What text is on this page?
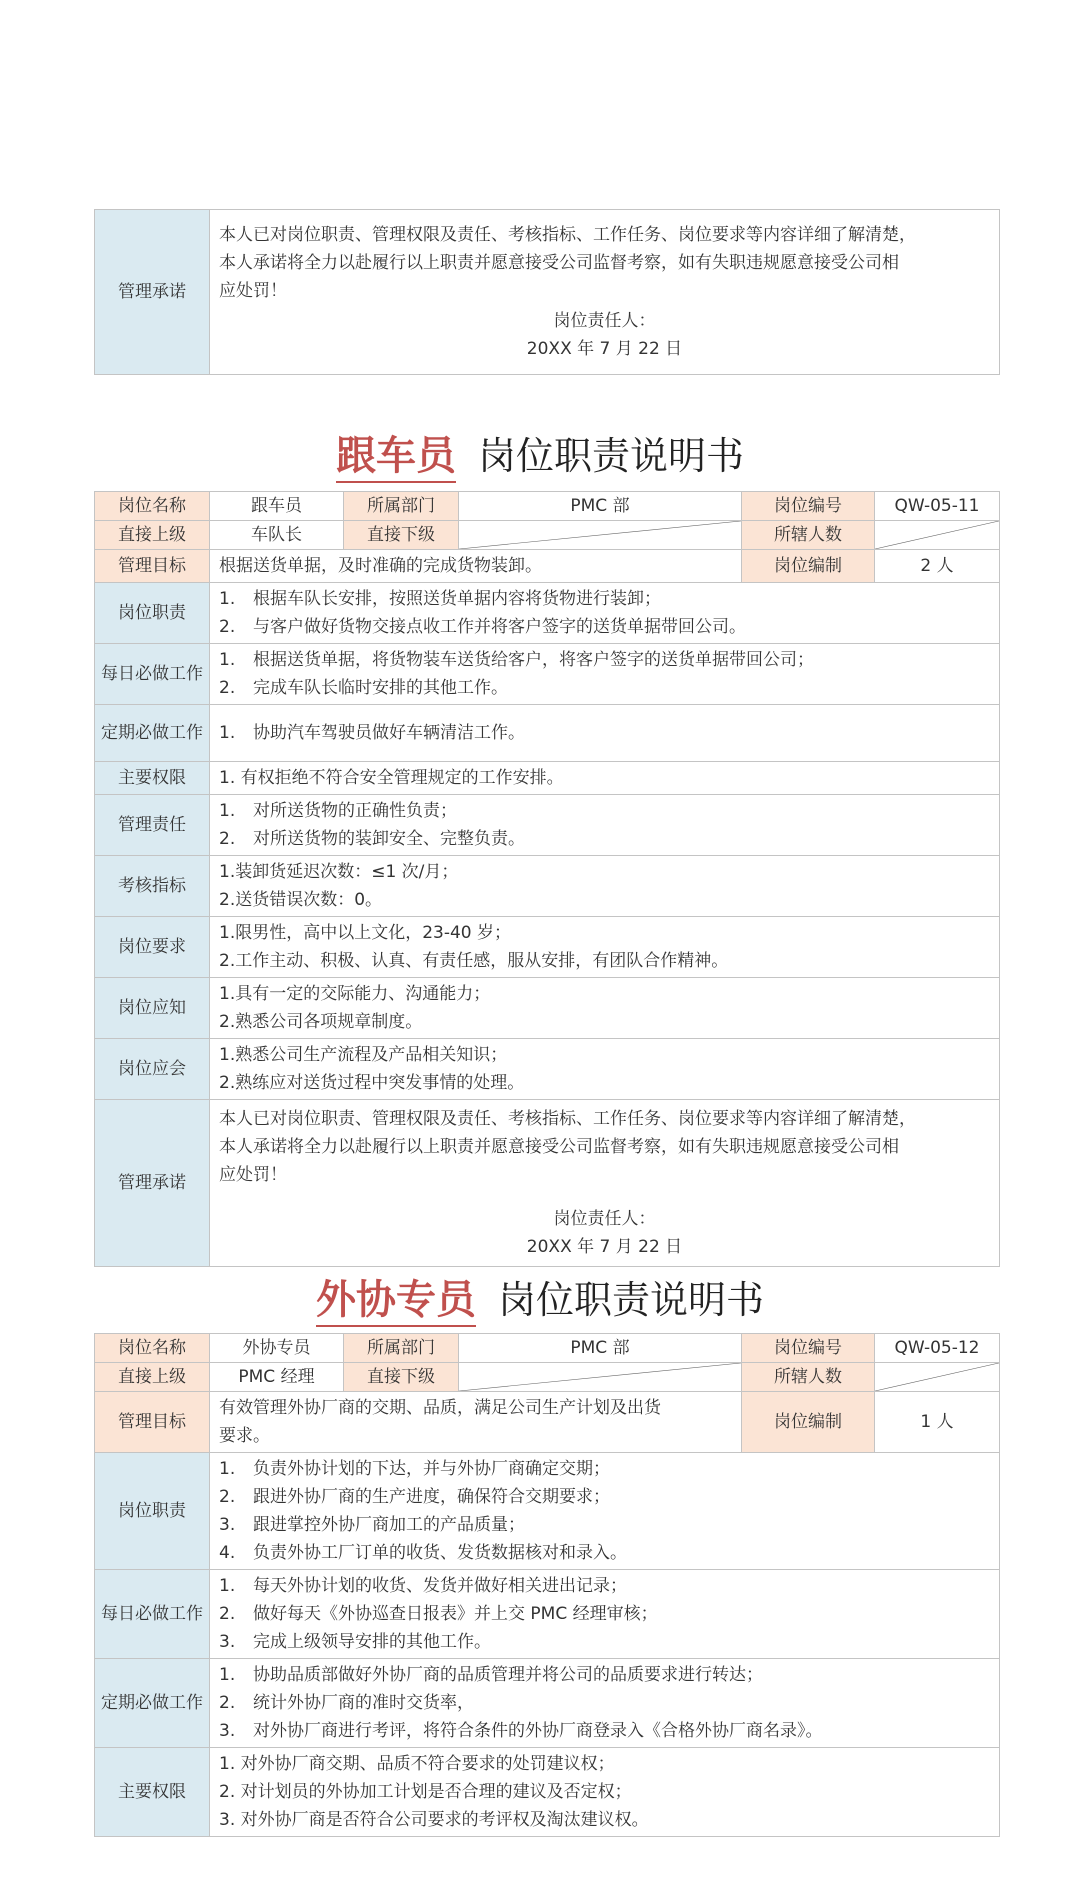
管理承诺	
本人已对岗位职责、管理权限及责任、考核指标、工作任务、岗位要求等内容详细了解清楚，
本人承诺将全力以赴履行以上职责并愿意接受公司监督考察，如有失职违规愿意接受公司相
应处罚！
岗位责任人：
20XX 年 7 月 22 日
跟车员 岗位职责说明书
岗位名称	跟车员	所属部门	PMC 部	岗位编号	QW-05-11
直接上级	车队长	直接下级		所辖人数	

管理目标	根据送货单据，及时准确的完成货物装卸。			岗位编制	2 人
岗位职责	1. 根据车队长安排，按照送货单据内容将货物进行装卸；
2. 与客户做好货物交接点收工作并将客户签字的送货单据带回公司。				

每日必做工作	1. 根据送货单据，将货物装车送货给客户，将客户签字的送货单据带回公司；
2. 完成车队长临时安排的其他工作。				

定期必做工作	1. 协助汽车驾驶员做好车辆清洁工作。				

主要权限	1. 有权拒绝不符合安全管理规定的工作安排。				
管理责任	1. 对所送货物的正确性负责；
2. 对所送货物的装卸安全、完整负责。				

考核指标	1.装卸货延迟次数：≤1 次/月；
2.送货错误次数：0。				

岗位要求	1.限男性，高中以上文化，23-40 岁；
2.工作主动、积极、认真、有责任感，服从安排，有团队合作精神。				

岗位应知	1.具有一定的交际能力、沟通能力；
2.熟悉公司各项规章制度。				

岗位应会	1.熟悉公司生产流程及产品相关知识；
2.熟练应对送货过程中突发事情的处理。				

管理承诺	本人已对岗位职责、管理权限及责任、考核指标、工作任务、岗位要求等内容详细了解清楚，
本人承诺将全力以赴履行以上职责并愿意接受公司监督考察，如有失职违规愿意接受公司相
应处罚！
岗位责任人：
20XX 年 7 月 22 日				
外协专员 岗位职责说明书
岗位名称	外协专员	所属部门	PMC 部	岗位编号	QW-05-12
直接上级	PMC 经理	直接下级		所辖人数	

管理目标	有效管理外协厂商的交期、品质，满足公司生产计划及出货
要求。			岗位编制	1 人
岗位职责	1. 负责外协计划的下达，并与外协厂商确定交期；
2. 跟进外协厂商的生产进度，确保符合交期要求；
3. 跟进掌控外协厂商加工的产品质量；
4. 负责外协工厂订单的收货、发货数据核对和录入。				

每日必做工作	1. 每天外协计划的收货、发货并做好相关进出记录；
2. 做好每天《外协巡查日报表》并上交 PMC 经理审核；
3. 完成上级领导安排的其他工作。				

定期必做工作	1. 协助品质部做好外协厂商的品质管理并将公司的品质要求进行转达；
2. 统计外协厂商的准时交货率，
3. 对外协厂商进行考评，将符合条件的外协厂商登录入《合格外协厂商名录》。				

主要权限	1. 对外协厂商交期、品质不符合要求的处罚建议权；
2. 对计划员的外协加工计划是否合理的建议及否定权；
3. 对外协厂商是否符合公司要求的考评权及淘汰建议权。				
